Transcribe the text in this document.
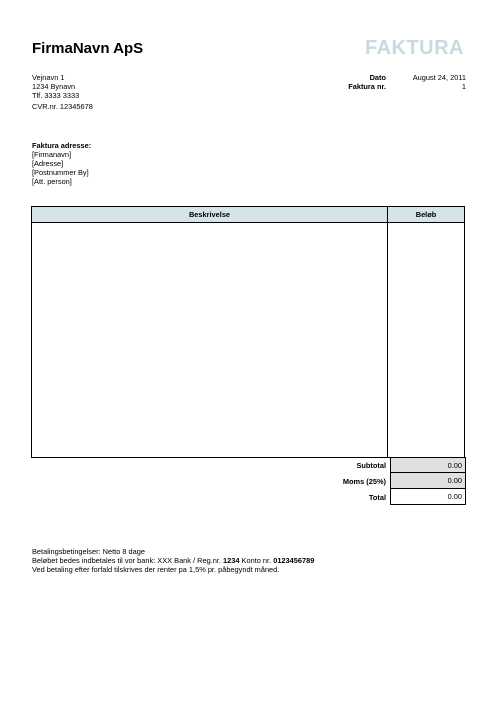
FirmaNavn ApS	FAKTURA
Vejnavn 1
1234 Bynavn
Tlf. 3333 3333
CVR.nr. 12345678
Dato	August 24, 2011
Faktura nr.	1
Faktura adresse:
[Firmanavn]
[Adresse]
[Postnummer By]
[Att. person]
Beskrivelse	Beløb
Subtotal	0.00
Moms (25%)	0.00
Total	0.00
Betalingsbetingelser: Netto 8 dage
Beløbet bedes indbetales til vor bank: XXX Bank / Reg.nr. 1234 Konto nr. 0123456789
Ved betaling efter forfald tilskrives der renter pa 1,5% pr. påbegyndt måned.
